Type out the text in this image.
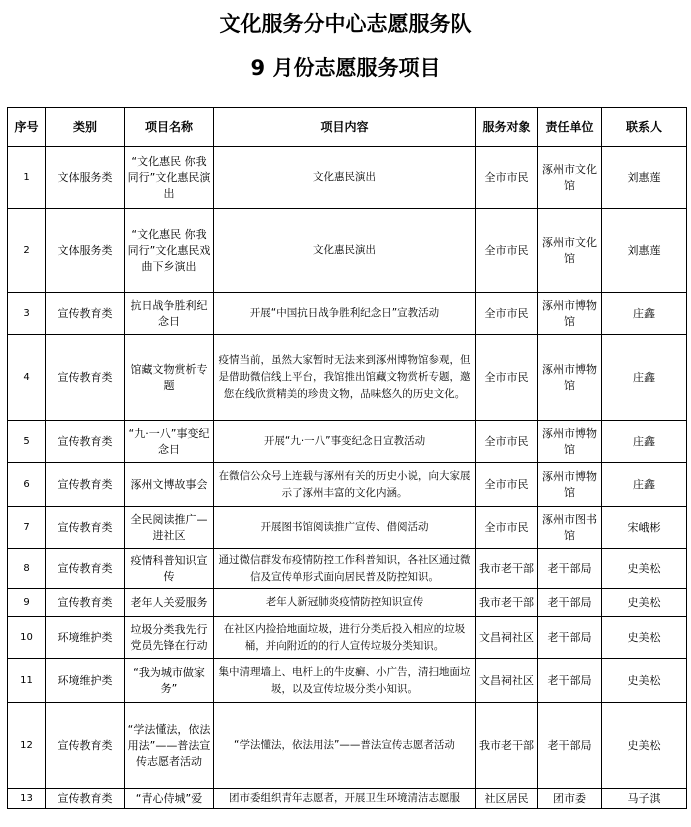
文化服务分中心志愿服务队
9 月份志愿服务项目
序号	类别	项目名称	项目内容	服务对象	责任单位	联系人
1	文体服务类	“文化惠民 你我同行”文化惠民演出	文化惠民演出	全市市民	涿州市文化馆	刘惠莲
2	文体服务类	“文化惠民 你我同行”文化惠民戏曲下乡演出	文化惠民演出	全市市民	涿州市文化馆	刘惠莲
3	宣传教育类	抗日战争胜利纪念日	开展“中国抗日战争胜利纪念日”宣教活动	全市市民	涿州市博物馆	庄鑫
4	宣传教育类	馆藏文物赏析专题	疫情当前，虽然大家暂时无法来到涿州博物馆参观，但是借助微信线上平台，我馆推出馆藏文物赏析专题，邀您在线欣赏精美的珍贵文物，品味悠久的历史文化。	全市市民	涿州市博物馆	庄鑫
5	宣传教育类	“九·一八”事变纪念日	开展“九·一八”事变纪念日宣教活动	全市市民	涿州市博物馆	庄鑫
6	宣传教育类	涿州文博故事会	在微信公众号上连载与涿州有关的历史小说，向大家展示了涿州丰富的文化内涵。	全市市民	涿州市博物馆	庄鑫
7	宣传教育类	全民阅读推广—进社区	开展图书馆阅读推广宣传、借阅活动	全市市民	涿州市图书馆	宋峨彬
8	宣传教育类	疫情科普知识宣传	通过微信群发布疫情防控工作科普知识，各社区通过微信及宣传单形式面向居民普及防控知识。	我市老干部	老干部局	史美松
9	宣传教育类	老年人关爱服务	老年人新冠肺炎疫情防控知识宣传	我市老干部	老干部局	史美松
10	环境维护类	垃圾分类我先行党员先锋在行动	在社区内捡拾地面垃圾，进行分类后投入相应的垃圾桶，并向附近的的行人宣传垃圾分类知识。	文昌祠社区	老干部局	史美松
11	环境维护类	“我为城市做家务”	集中清理墙上、电杆上的牛皮癣、小广告，清扫地面垃圾，以及宣传垃圾分类小知识。	文昌祠社区	老干部局	史美松
12	宣传教育类	“学法懂法，依法用法”——普法宣传志愿者活动	“学法懂法，依法用法”——普法宣传志愿者活动	我市老干部	老干部局	史美松
13	宣传教育类	“青心侍城”爱	团市委组织青年志愿者，开展卫生环境清洁志愿服	社区居民	团市委	马子淇
